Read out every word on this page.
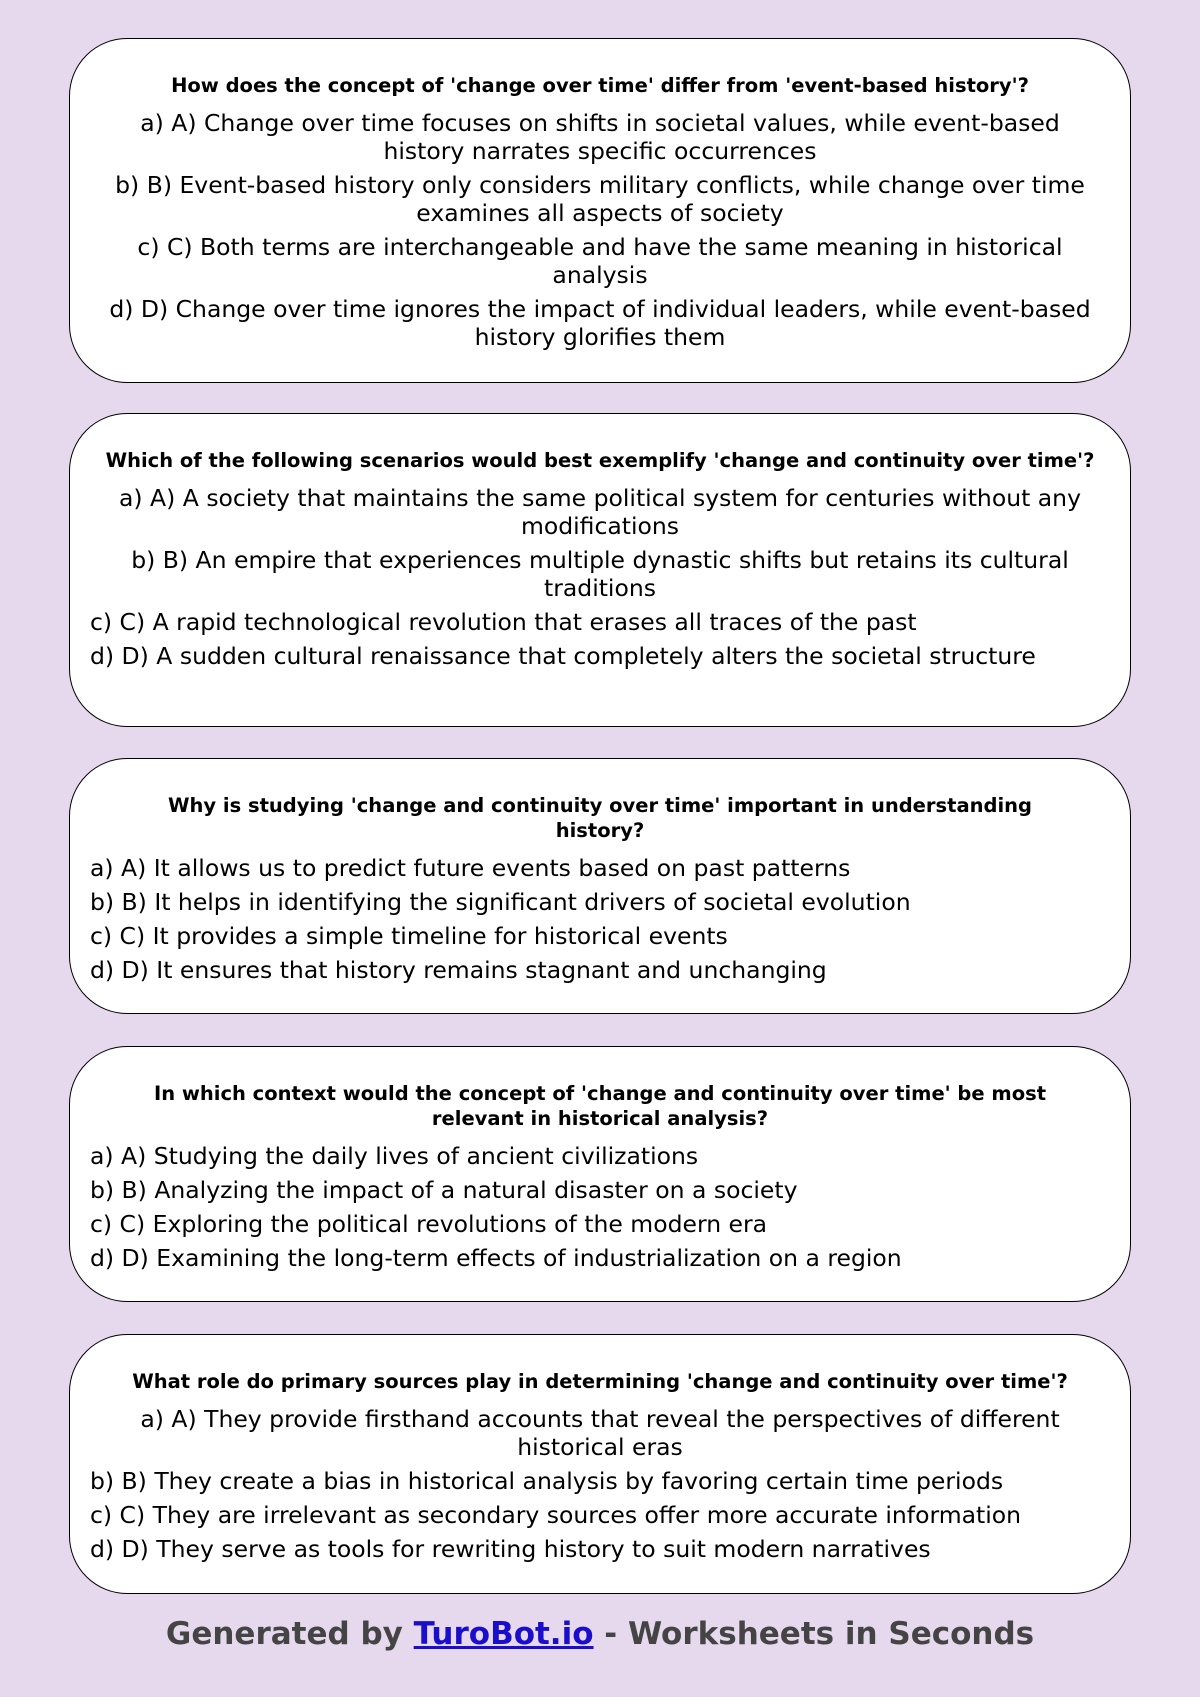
How does the concept of 'change over time' differ from 'event-based history'?

a) A) Change over time focuses on shifts in societal values, while event-based history narrates specific occurrences
b) B) Event-based history only considers military conflicts, while change over time examines all aspects of society
c) C) Both terms are interchangeable and have the same meaning in historical analysis
d) D) Change over time ignores the impact of individual leaders, while event-based history glorifies them

Which of the following scenarios would best exemplify 'change and continuity over time'?

a) A) A society that maintains the same political system for centuries without any modifications
b) B) An empire that experiences multiple dynastic shifts but retains its cultural traditions
c) C) A rapid technological revolution that erases all traces of the past
d) D) A sudden cultural renaissance that completely alters the societal structure

Why is studying 'change and continuity over time' important in understanding history?

a) A) It allows us to predict future events based on past patterns
b) B) It helps in identifying the significant drivers of societal evolution
c) C) It provides a simple timeline for historical events
d) D) It ensures that history remains stagnant and unchanging

In which context would the concept of 'change and continuity over time' be most relevant in historical analysis?

a) A) Studying the daily lives of ancient civilizations
b) B) Analyzing the impact of a natural disaster on a society
c) C) Exploring the political revolutions of the modern era
d) D) Examining the long-term effects of industrialization on a region

What role do primary sources play in determining 'change and continuity over time'?

a) A) They provide firsthand accounts that reveal the perspectives of different historical eras
b) B) They create a bias in historical analysis by favoring certain time periods
c) C) They are irrelevant as secondary sources offer more accurate information
d) D) They serve as tools for rewriting history to suit modern narratives
Generated by TuroBot.io - Worksheets in Seconds
